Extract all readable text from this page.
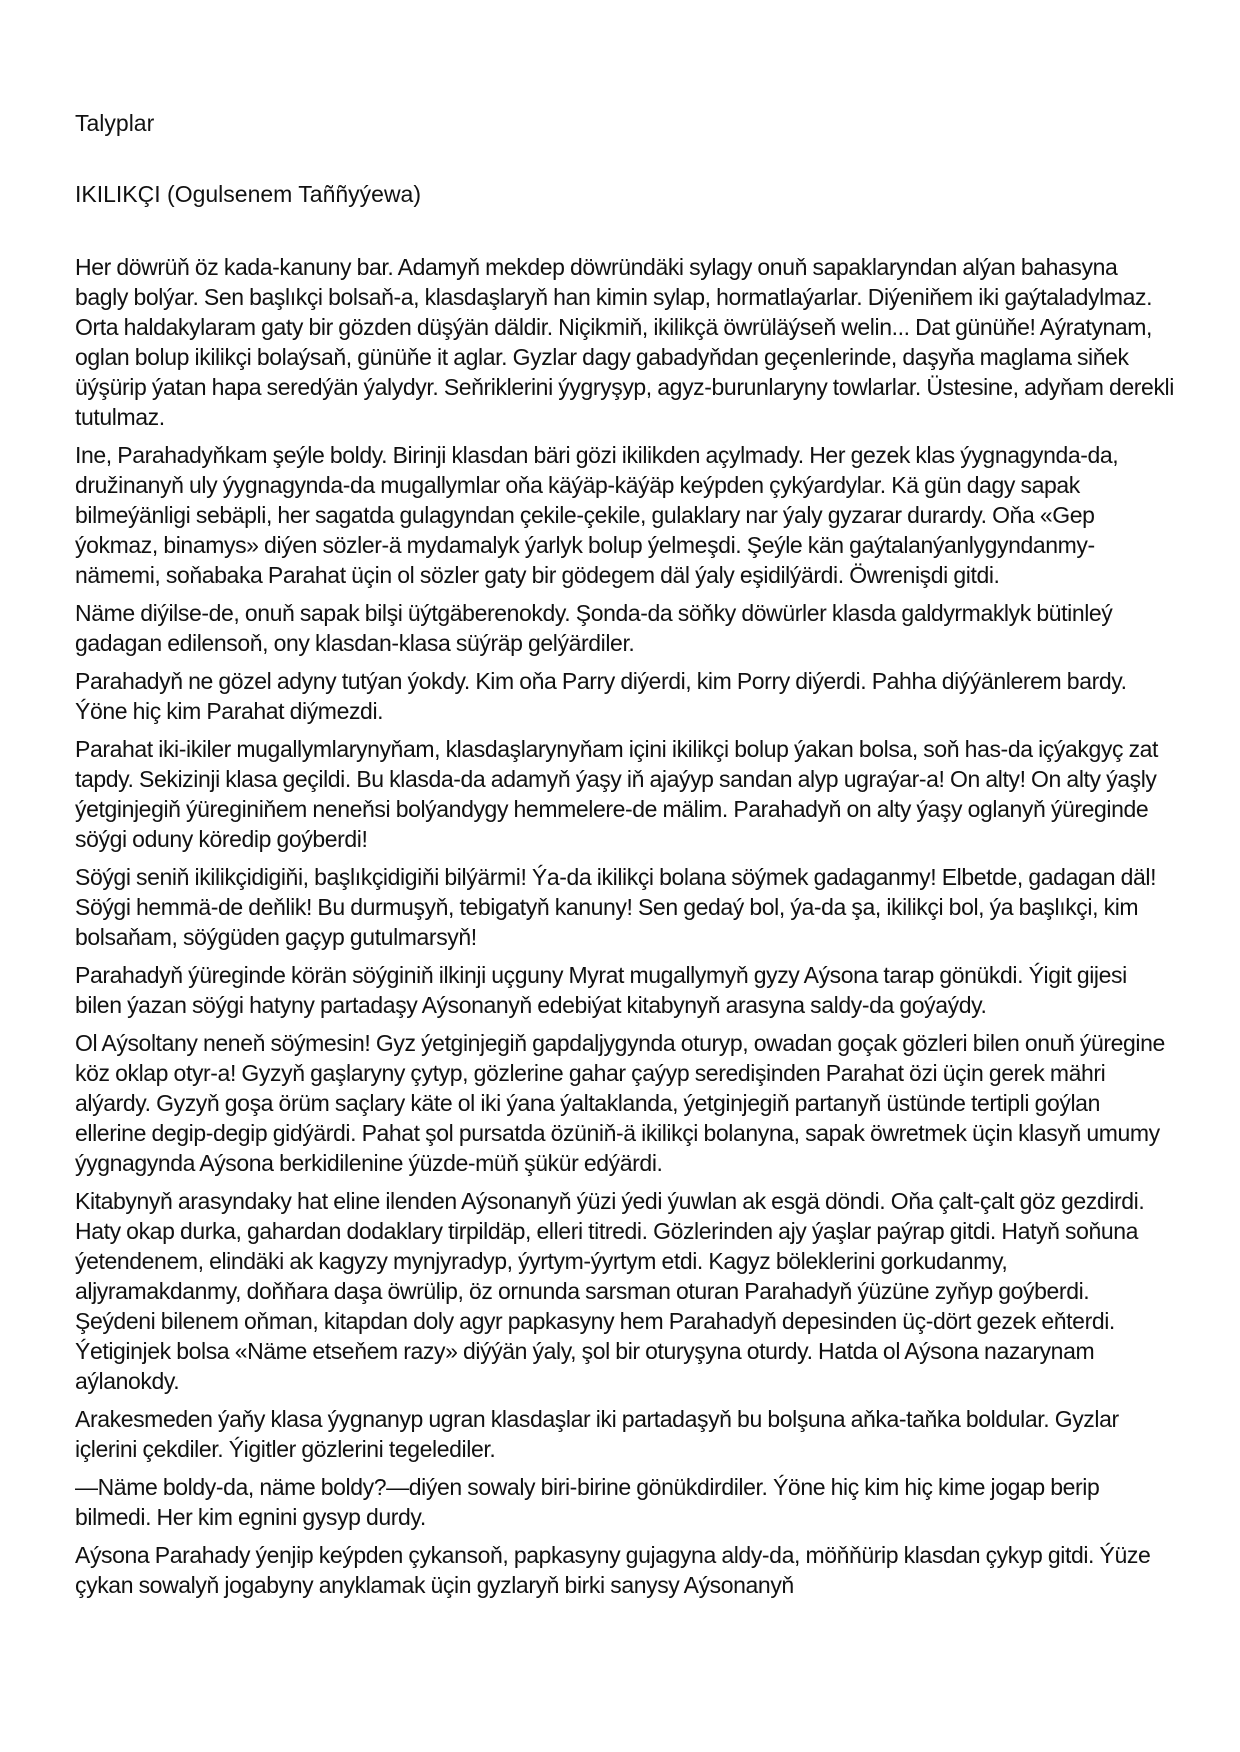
Talyplar
IKILIKÇI (Ogulsenem Taññyýewa)
Her döwrüň öz kada-kanuny bar. Adamyň mekdep döwründäki sylagy onuň sapaklaryndan alýan bahasyna bagly bolýar. Sen başlıkçi bolsaň-a, klasdaşlaryň han kimin sylap, hormatlaýarlar. Diýeniňem iki gaýtaladylmaz. Orta haldakylaram gaty bir gözden düşýän däldir. Niçikmiň, ikilikçä öwrüläýseň welin... Dat günüňe! Aýratynam, oglan bolup ikilikçi bolaýsaň, günüňe it aglar. Gyzlar dagy gabadyňdan geçenlerinde, daşyňa maglama siňek üýşürip ýatan hapa seredýän ýalydyr. Seňriklerini ýygryşyp, agyz-burunlaryny towlarlar. Üstesine, adyňam derekli tutulmaz.
Ine, Parahadyňkam şeýle boldy. Birinji klasdan bäri gözi ikilikden açylmady. Her gezek klas ýygnagynda-da, družinanyň uly ýygnagynda-da mugallymlar oňa käýäp-käýäp keýpden çykýardylar. Kä gün dagy sapak bilmeýänligi sebäpli, her sagatda gulagyndan çekile-çekile, gulaklary nar ýaly gyzarar durardy. Oňa «Gep ýokmaz, binamys» diýen sözler-ä mydamalyk ýarlyk bolup ýelmeşdi. Şeýle kän gaýtalanýanlygyndanmy-nämemi, soňabaka Parahat üçin ol sözler gaty bir gödegem däl ýaly eşidilýärdi. Öwrenişdi gitdi.
Näme diýilse-de, onuň sapak bilşi üýtgäberenokdy. Şonda-da söňky döwürler klasda galdyrmaklyk bütinleý gadagan edilensoň, ony klasdan-klasa süýräp gelýärdiler.
Parahadyň ne gözel adyny tutýan ýokdy. Kim oňa Parry diýerdi, kim Porry diýerdi. Pahha diýýänlerem bardy. Ýöne hiç kim Parahat diýmezdi.
Parahat iki-ikiler mugallymlarynyňam, klasdaşlarynyňam içini ikilikçi bolup ýakan bolsa, soň has-da içýakgyç zat tapdy. Sekizinji klasa geçildi. Bu klasda-da adamyň ýaşy iň ajaýyp sandan alyp ugraýar-a! On alty! On alty ýaşly ýetginjegiň ýüreginiňem neneňsi bolýandygy hemmelere-de mälim. Parahadyň on alty ýaşy oglanyň ýüreginde söýgi oduny köredip goýberdi!
Söýgi seniň ikilikçidigiňi, başlıkçidigiňi bilýärmi! Ýa-da ikilikçi bolana söýmek gadaganmy! Elbetde, gadagan däl! Söýgi hemmä-de deňlik! Bu durmuşyň, tebigatyň kanuny! Sen gedaý bol, ýa-da şa, ikilikçi bol, ýa başlıkçi, kim bolsaňam, söýgüden gaçyp gutulmarsyň!
Parahadyň ýüreginde körän söýginiň ilkinji uçguny Myrat mugallymyň gyzy Aýsona tarap gönükdi. Ýigit gijesi bilen ýazan söýgi hatyny partadaşy Aýsonanyň edebiýat kitabynyň arasyna saldy-da goýaýdy.
Ol Aýsoltany neneň söýmesin! Gyz ýetginjegiň gapdaljygynda oturyp, owadan goçak gözleri bilen onuň ýüregine köz oklap otyr-a! Gyzyň gaşlaryny çytyp, gözlerine gahar çaýyp seredişinden Parahat özi üçin gerek mähri alýardy. Gyzyň goşa örüm saçlary käte ol iki ýana ýaltaklanda, ýetginjegiň partanyň üstünde tertipli goýlan ellerine degip-degip gidýärdi. Pahat şol pursatda özüniň-ä ikilikçi bolanyna, sapak öwretmek üçin klasyň umumy ýygnagynda Aýsona berkidilenine ýüzde-müň şükür edýärdi.
Kitabynyň arasyndaky hat eline ilenden Aýsonanyň ýüzi ýedi ýuwlan ak esgä döndi. Oňa çalt-çalt göz gezdirdi. Haty okap durka, gahardan dodaklary tirpildäp, elleri titredi. Gözlerinden ajy ýaşlar paýrap gitdi. Hatyň soňuna ýetendenem, elindäki ak kagyzy mynjyradyp, ýyrtym-ýyrtym etdi. Kagyz böleklerini gorkudanmy, aljyramakdanmy, doňňara daşa öwrülip, öz ornunda sarsman oturan Parahadyň ýüzüne zyňyp goýberdi. Şeýdeni bilenem oňman, kitapdan doly agyr papkasyny hem Parahadyň depesinden üç-dört gezek eňterdi. Ýetiginjek bolsa «Näme etseňem razy» diýýän ýaly, şol bir oturyşyna oturdy. Hatda ol Aýsona nazarynam aýlanokdy.
Arakesmeden ýaňy klasa ýygnanyp ugran klasdaşlar iki partadaşyň bu bolşuna aňka-taňka boldular. Gyzlar içlerini çekdiler. Ýigitler gözlerini tegelediler.
—Näme boldy-da, näme boldy?—diýen sowaly biri-birine gönükdirdiler. Ýöne hiç kim hiç kime jogap berip bilmedi. Her kim egnini gysyp durdy.
Aýsona Parahady ýenjip keýpden çykansoň, papkasyny gujagyna aldy-da, möňňürip klasdan çykyp gitdi. Ýüze çykan sowalyň jogabyny anyklamak üçin gyzlaryň birki sanysy Aýsonanyň
